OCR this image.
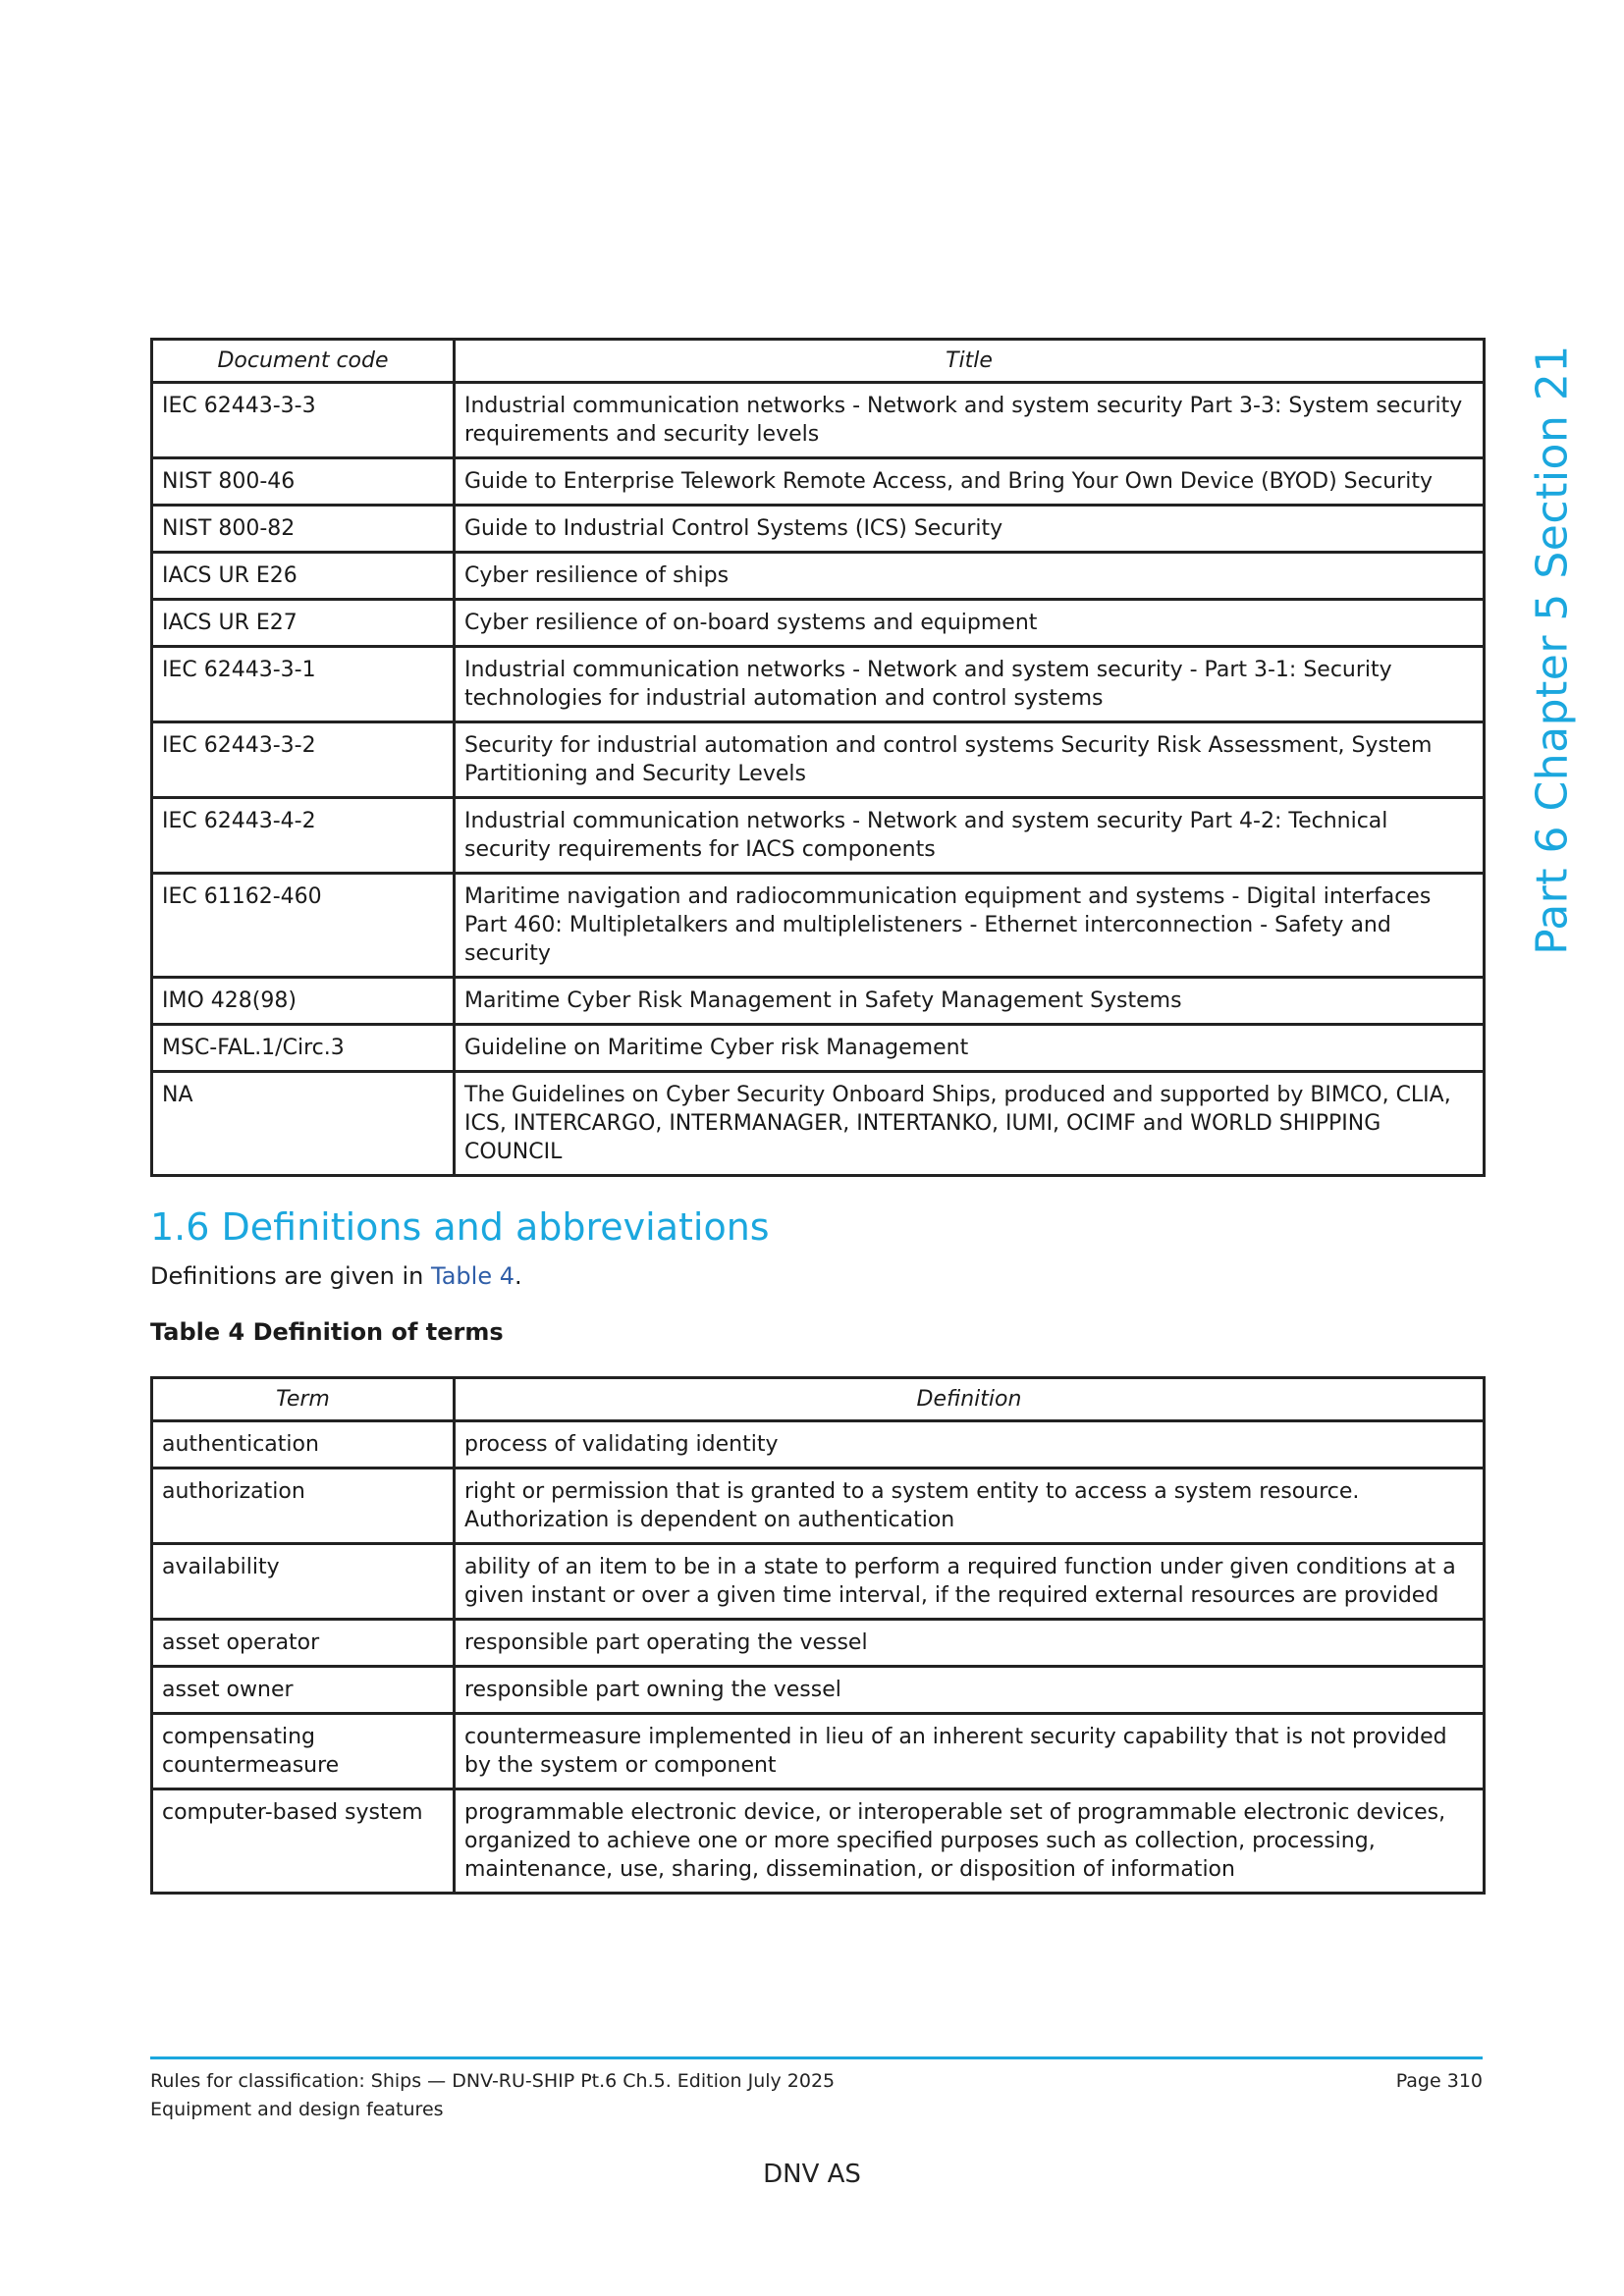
Document code	Title
IEC 62443-3-3	Industrial communication networks - Network and system security Part 3-3: System security requirements and security levels
NIST 800-46	Guide to Enterprise Telework Remote Access, and Bring Your Own Device (BYOD) Security
NIST 800-82	Guide to Industrial Control Systems (ICS) Security
IACS UR E26	Cyber resilience of ships
IACS UR E27	Cyber resilience of on-board systems and equipment
IEC 62443-3-1	Industrial communication networks - Network and system security - Part 3-1: Security technologies for industrial automation and control systems
IEC 62443-3-2	Security for industrial automation and control systems Security Risk Assessment, System Partitioning and Security Levels
IEC 62443-4-2	Industrial communication networks - Network and system security Part 4-2: Technical security requirements for IACS components
IEC 61162-460	Maritime navigation and radiocommunication equipment and systems - Digital interfaces Part 460: Multipletalkers and multiplelisteners - Ethernet interconnection - Safety and security
IMO 428(98)	Maritime Cyber Risk Management in Safety Management Systems
MSC-FAL.1/Circ.3	Guideline on Maritime Cyber risk Management
NA	The Guidelines on Cyber Security Onboard Ships, produced and supported by BIMCO, CLIA, ICS, INTERCARGO, INTERMANAGER, INTERTANKO, IUMI, OCIMF and WORLD SHIPPING COUNCIL
Part 6 Chapter 5 Section 21
1.6 Definitions and abbreviations
Definitions are given in Table 4.
Table 4 Definition of terms
Term	Definition
authentication	process of validating identity
authorization	right or permission that is granted to a system entity to access a system resource. Authorization is dependent on authentication
availability	ability of an item to be in a state to perform a required function under given conditions at a given instant or over a given time interval, if the required external resources are provided
asset operator	responsible part operating the vessel
asset owner	responsible part owning the vessel
compensating countermeasure	countermeasure implemented in lieu of an inherent security capability that is not provided by the system or component
computer-based system	programmable electronic device, or interoperable set of programmable electronic devices, organized to achieve one or more specified purposes such as collection, processing, maintenance, use, sharing, dissemination, or disposition of information
Rules for classification: Ships — DNV-RU-SHIP Pt.6 Ch.5. Edition July 2025
Equipment and design features
Page 310
DNV AS
